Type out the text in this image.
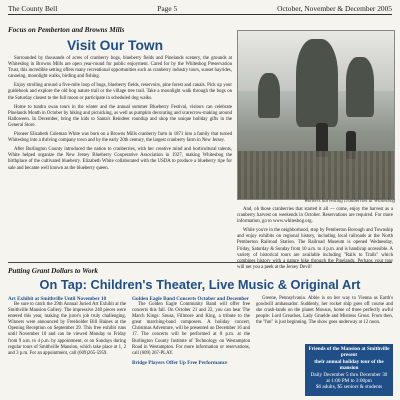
The County Bell	Page 5	October, November & December 2005
Focus on Pemberton and Browns Mills
Visit Our Town

Surrounded by thousands of acres of cranberry bogs, blueberry fields and Pinelands scenery, the grounds at Whitesbog in Browns Mills are open year-round for public enjoyment. Cared for by the Whitesbog Preservation Trust, this incredible setting offers many recreational opportunities such as cranberry industry tours, sunset hayrides, canoeing, moonlight walks, birding and fishing.

Enjoy strolling around a five-mile loop of bogs, blueberry fields, reservoirs, pine forest and canals. Pick up your guidebook and explore the old bog nature trail or the village tree trail. Take a moonlight walk through the bogs on the Saturday closest to the full moon or participate in scheduled dog walks.

Home to tundra swan tours in the winter and the annual summer Blueberry Festival, visitors can celebrate Pinelands Month in October by hiking and picnicking, as well as pumpkin decorating and scarecrow-making around Halloween. In December, bring the kids to Santa's Reindeer roundup and shop the unique holiday gifts in the General Store.

Pioneer Elizabeth Coleman White was born on a Browns Mills cranberry farm in 1871 into a family that turned Whitesbog into a thriving company town and by the early 20th century, the largest cranberry farm in New Jersey.

After Burlington County introduced the nation to cranberries, with her creative mind and horticultural talents, White helped organize the New Jersey Blueberry Cooperative Association in 1927, making Whitesbog the birthplace of the cultivated blueberry. Elizabeth White collaborated with the USDA to produce a blueberry ripe for sale and became well known as the blueberry queen.

Workers harvesting cranberries at Whitesbog

And, oh those cranberries that started it all — come, enjoy the harvest as a cranberry harvest on weekends in October. Reservations are required. For more information, go to www.whitesbog.org.

While you're in the neighborhood, stop by Pemberton Borough and Township and enjoy exhibits on regional history, including local railroads at the North Pemberton Railroad Station. The Railroad Museum is opened Wednesday, Friday, Saturday & Sunday from 10 a.m. to 4 p.m. and is handicap accessible. A variety of historical tours are available including "Rails to Trails" which combines history with a nature hike through the Pinelands. Perhaps your tour will net you a peek at the Jersey Devil!

Putting Grant Dollars to Work
On Tap: Children's Theater, Live Music & Original Art
Art Exhibit at Smithville Until November 10

Be sure to catch the 29th Annual Juried Art Exhibit at the Smithville Mansion Gallery. The impressive 240 pieces were entered this year, making the juror's job truly challenging. Winners were announced by Freeholder Bill Haines at the Opening Reception on September 29. This free exhibit runs until November 10 and can be viewed Monday to Friday from 9 a.m. to 4 p.m. by appointment, or on Sundays during regular tours of Smithville Mansion, which take place at 1, 2 and 3 p.m. For an appointment, call (609)265-5959.

Golden Eagle Band Concerts October and December

The Golden Eagle Community Band will offer free concerts this fall. On October 21 and 22, you can hear The March Kings: Sousa, Fillmore and King, a tribute to the great marching-band composers. A holiday concert, Christmas Adventure, will be presented on December 16 and 17. The concerts will be performed at 8 p.m. at the Burlington County Institute of Technology on Westampton Road in Westampton. For more information or reservations, call (609) 267-PLAY.

Bridge Players Offer Up Free Performance

Greene, Pennsylvania. Abbie is on her way to Vienna as Earth's goodwill ambassador. Suddenly, her rocket ship goes off course and she crash-lands on the planet Mousus, home of three perfectly awful people: Lord Greaches, Lady Gruelde and Mistress Grout. From then, the "fun" is just beginning. The show goes underway at 12 noon.

Friends of the Mansion at Smithville present
their annual holiday tour of the mansion
Daily December 5 thru December 30
at 1:00 PM to 3:00pm
$6 adults, $5 seniors & students
